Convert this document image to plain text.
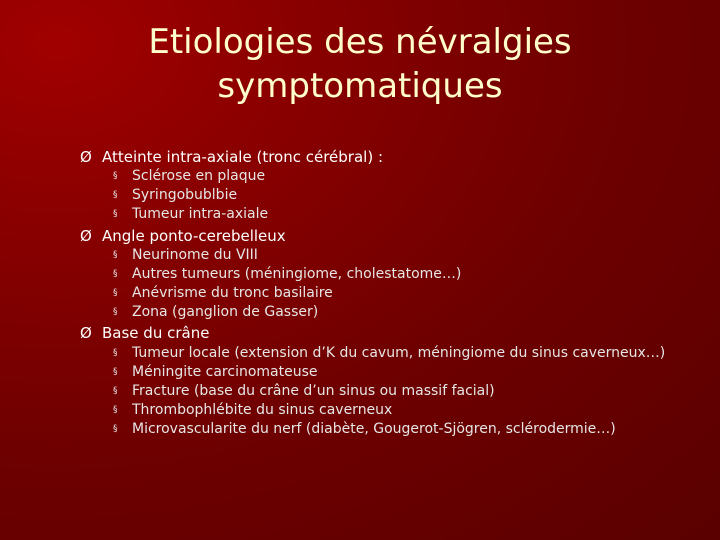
Etiologies des névralgies
symptomatiques
Ø Atteinte intra-axiale (tronc cérébral) :
§	Sclérose en plaque
§	Syringobublbie
§	Tumeur intra-axiale
Ø Angle ponto-cerebelleux
§	Neurinome du VIII
§	Autres tumeurs (méningiome, cholestatome…)
§	Anévrisme du tronc basilaire
§	Zona (ganglion de Gasser)
Ø Base du crâne
§	Tumeur locale (extension d’K du cavum, méningiome du sinus caverneux…)
§	Méningite carcinomateuse
§	Fracture (base du crâne d’un sinus ou massif facial)
§	Thrombophlébite du sinus caverneux
§	Microvascularite du nerf (diabète, Gougerot-Sjögren, sclérodermie…)
